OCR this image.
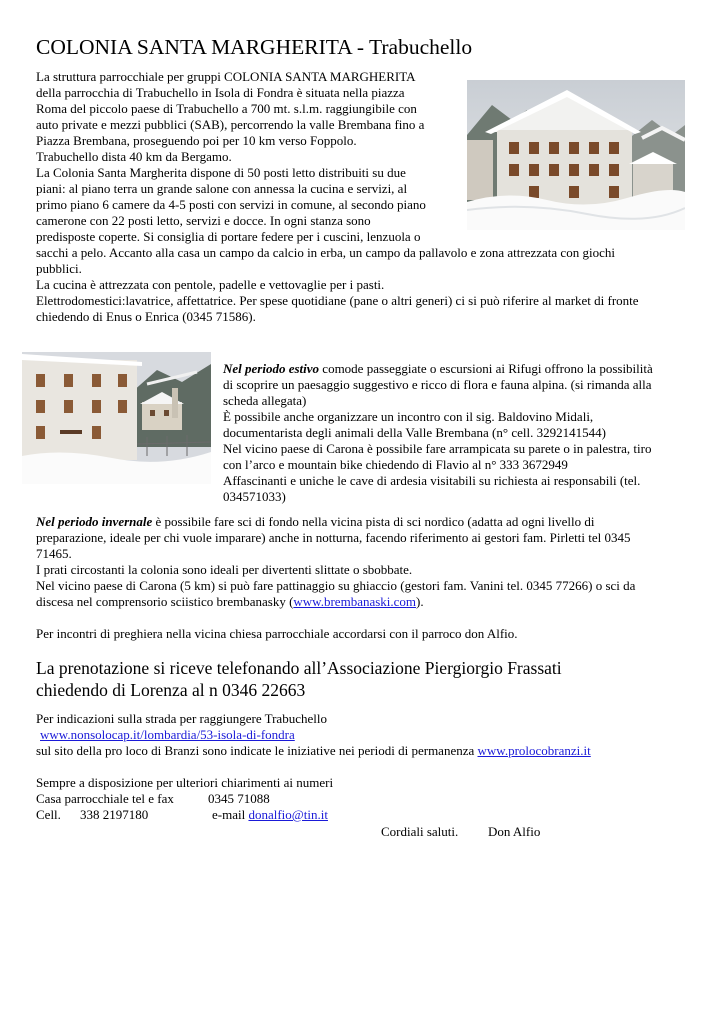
COLONIA SANTA MARGHERITA - Trabuchello
La struttura parrocchiale per gruppi COLONIA SANTA MARGHERITA
della parrocchia di Trabuchello in Isola di Fondra è situata nella piazza
Roma del piccolo paese di Trabuchello a 700 mt. s.l.m. raggiungibile con
auto private e mezzi pubblici (SAB), percorrendo la valle Brembana fino a
Piazza Brembana, proseguendo poi per 10 km verso Foppolo.
Trabuchello dista 40 km da Bergamo.
La Colonia Santa Margherita dispone di 50 posti letto distribuiti su due
piani: al piano terra un grande salone con annessa la cucina e servizi, al
primo piano 6 camere da 4-5 posti con servizi in comune, al secondo piano
camerone con 22 posti letto, servizi e docce. In ogni stanza sono
predisposte coperte. Si consiglia di portare federe per i cuscini, lenzuola o
sacchi a pelo. Accanto alla casa un campo da calcio in erba, un campo da pallavolo e zona attrezzata con giochi
pubblici.
La cucina è attrezzata con pentole, padelle e vettovaglie per i pasti.
Elettrodomestici:lavatrice, affettatrice. Per spese quotidiane (pane o altri generi) ci si può riferire al market di fronte
chiedendo di Enus o Enrica (0345 71586).
Nel periodo estivo comode passeggiate o escursioni ai Rifugi offrono la possibilità
di scoprire un paesaggio suggestivo e ricco di flora e fauna alpina. (si rimanda alla
scheda allegata)
È possibile anche organizzare un incontro con il sig. Baldovino Midali,
documentarista degli animali della Valle Brembana (n° cell. 3292141544)
Nel vicino paese di Carona è possibile fare arrampicata su parete o in palestra, tiro
con l’arco e mountain bike chiedendo di Flavio al n° 333 3672949
Affascinanti e uniche le cave di ardesia visitabili su richiesta ai responsabili (tel.
034571033)
Nel periodo invernale è possibile fare sci di fondo nella vicina pista di sci nordico (adatta ad ogni livello di
preparazione, ideale per chi vuole imparare) anche in notturna, facendo riferimento ai gestori fam. Pirletti tel 0345
71465.
I prati circostanti la colonia sono ideali per divertenti slittate o sbobbate.
Nel vicino paese di Carona (5 km) si può fare pattinaggio su ghiaccio (gestori fam. Vanini tel. 0345 77266) o sci da
discesa nel comprensorio sciistico brembanasky (www.brembanaski.com).
Per incontri di preghiera nella vicina chiesa parrocchiale accordarsi con il parroco don Alfio.
La prenotazione si riceve telefonando all’Associazione Piergiorgio Frassati
chiedendo di Lorenza al n 0346 22663
Per indicazioni sulla strada per raggiungere Trabuchello
www.nonsolocap.it/lombardia/53-isola-di-fondra
sul sito della pro loco di Branzi sono indicate le iniziative nei periodi di permanenza www.prolocobranzi.it
Sempre a disposizione per ulteriori chiarimenti ai numeri
Casa parrocchiale tel e fax	0345 71088
Cell. 338 2197180	e-mail donalfio@tin.it
Cordiali saluti. Don Alfio
